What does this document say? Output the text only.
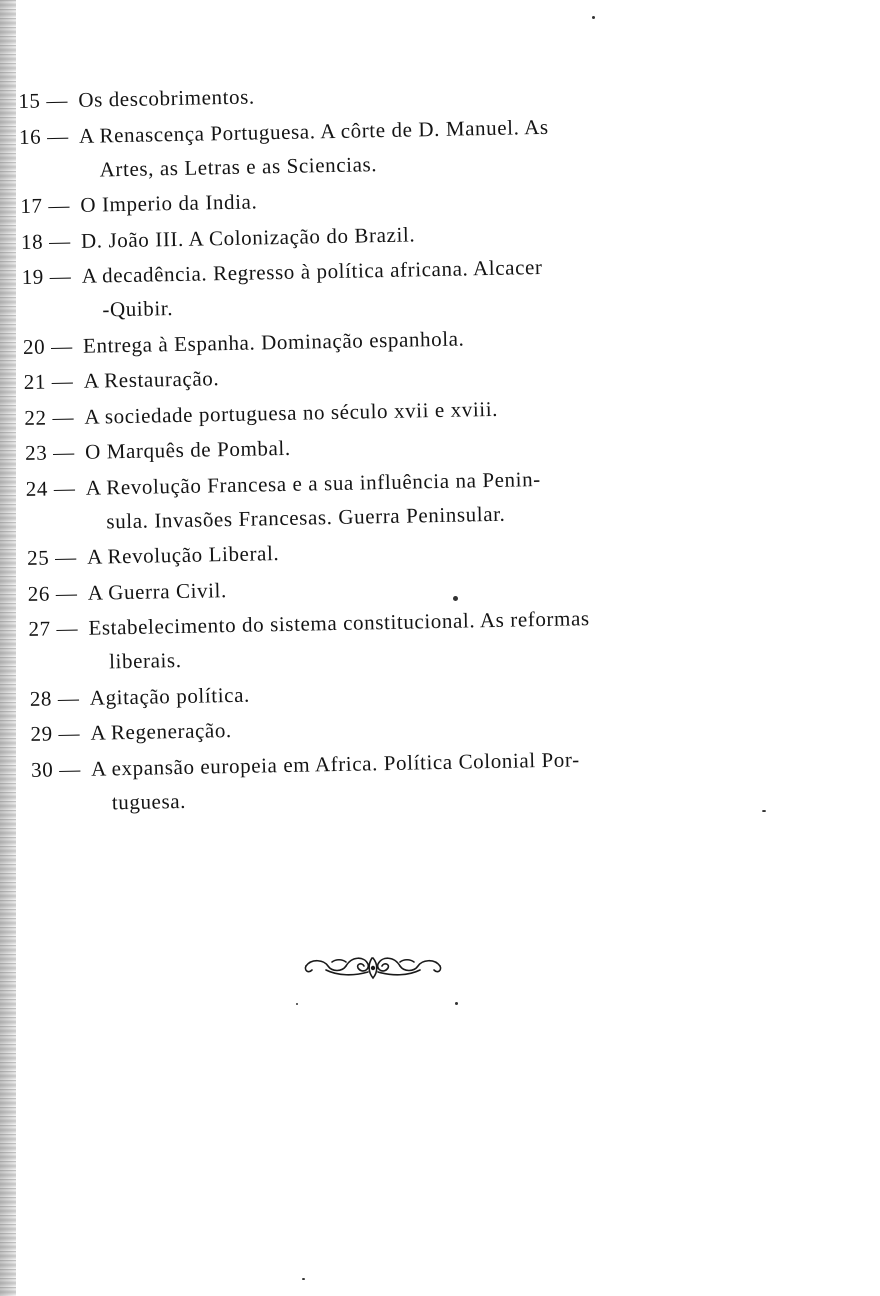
15 — Os descobrimentos.
16 — A Renascença Portuguesa. A côrte de D. Manuel. As
Artes, as Letras e as Sciencias.
17 — O Imperio da India.
18 — D. João III. A Colonização do Brazil.
19 — A decadência. Regresso à política africana. Alcacer
-Quibir.
20 — Entrega à Espanha. Dominação espanhola.
21 — A Restauração.
22 — A sociedade portuguesa no século xvii e xviii.
23 — O Marquês de Pombal.
24 — A Revolução Francesa e a sua influência na Penin-
sula. Invasões Francesas. Guerra Peninsular.
25 — A Revolução Liberal.
26 — A Guerra Civil.
27 — Estabelecimento do sistema constitucional. As reformas
liberais.
28 — Agitação política.
29 — A Regeneração.
30 — A expansão europeia em Africa. Política Colonial Por-
tuguesa.
